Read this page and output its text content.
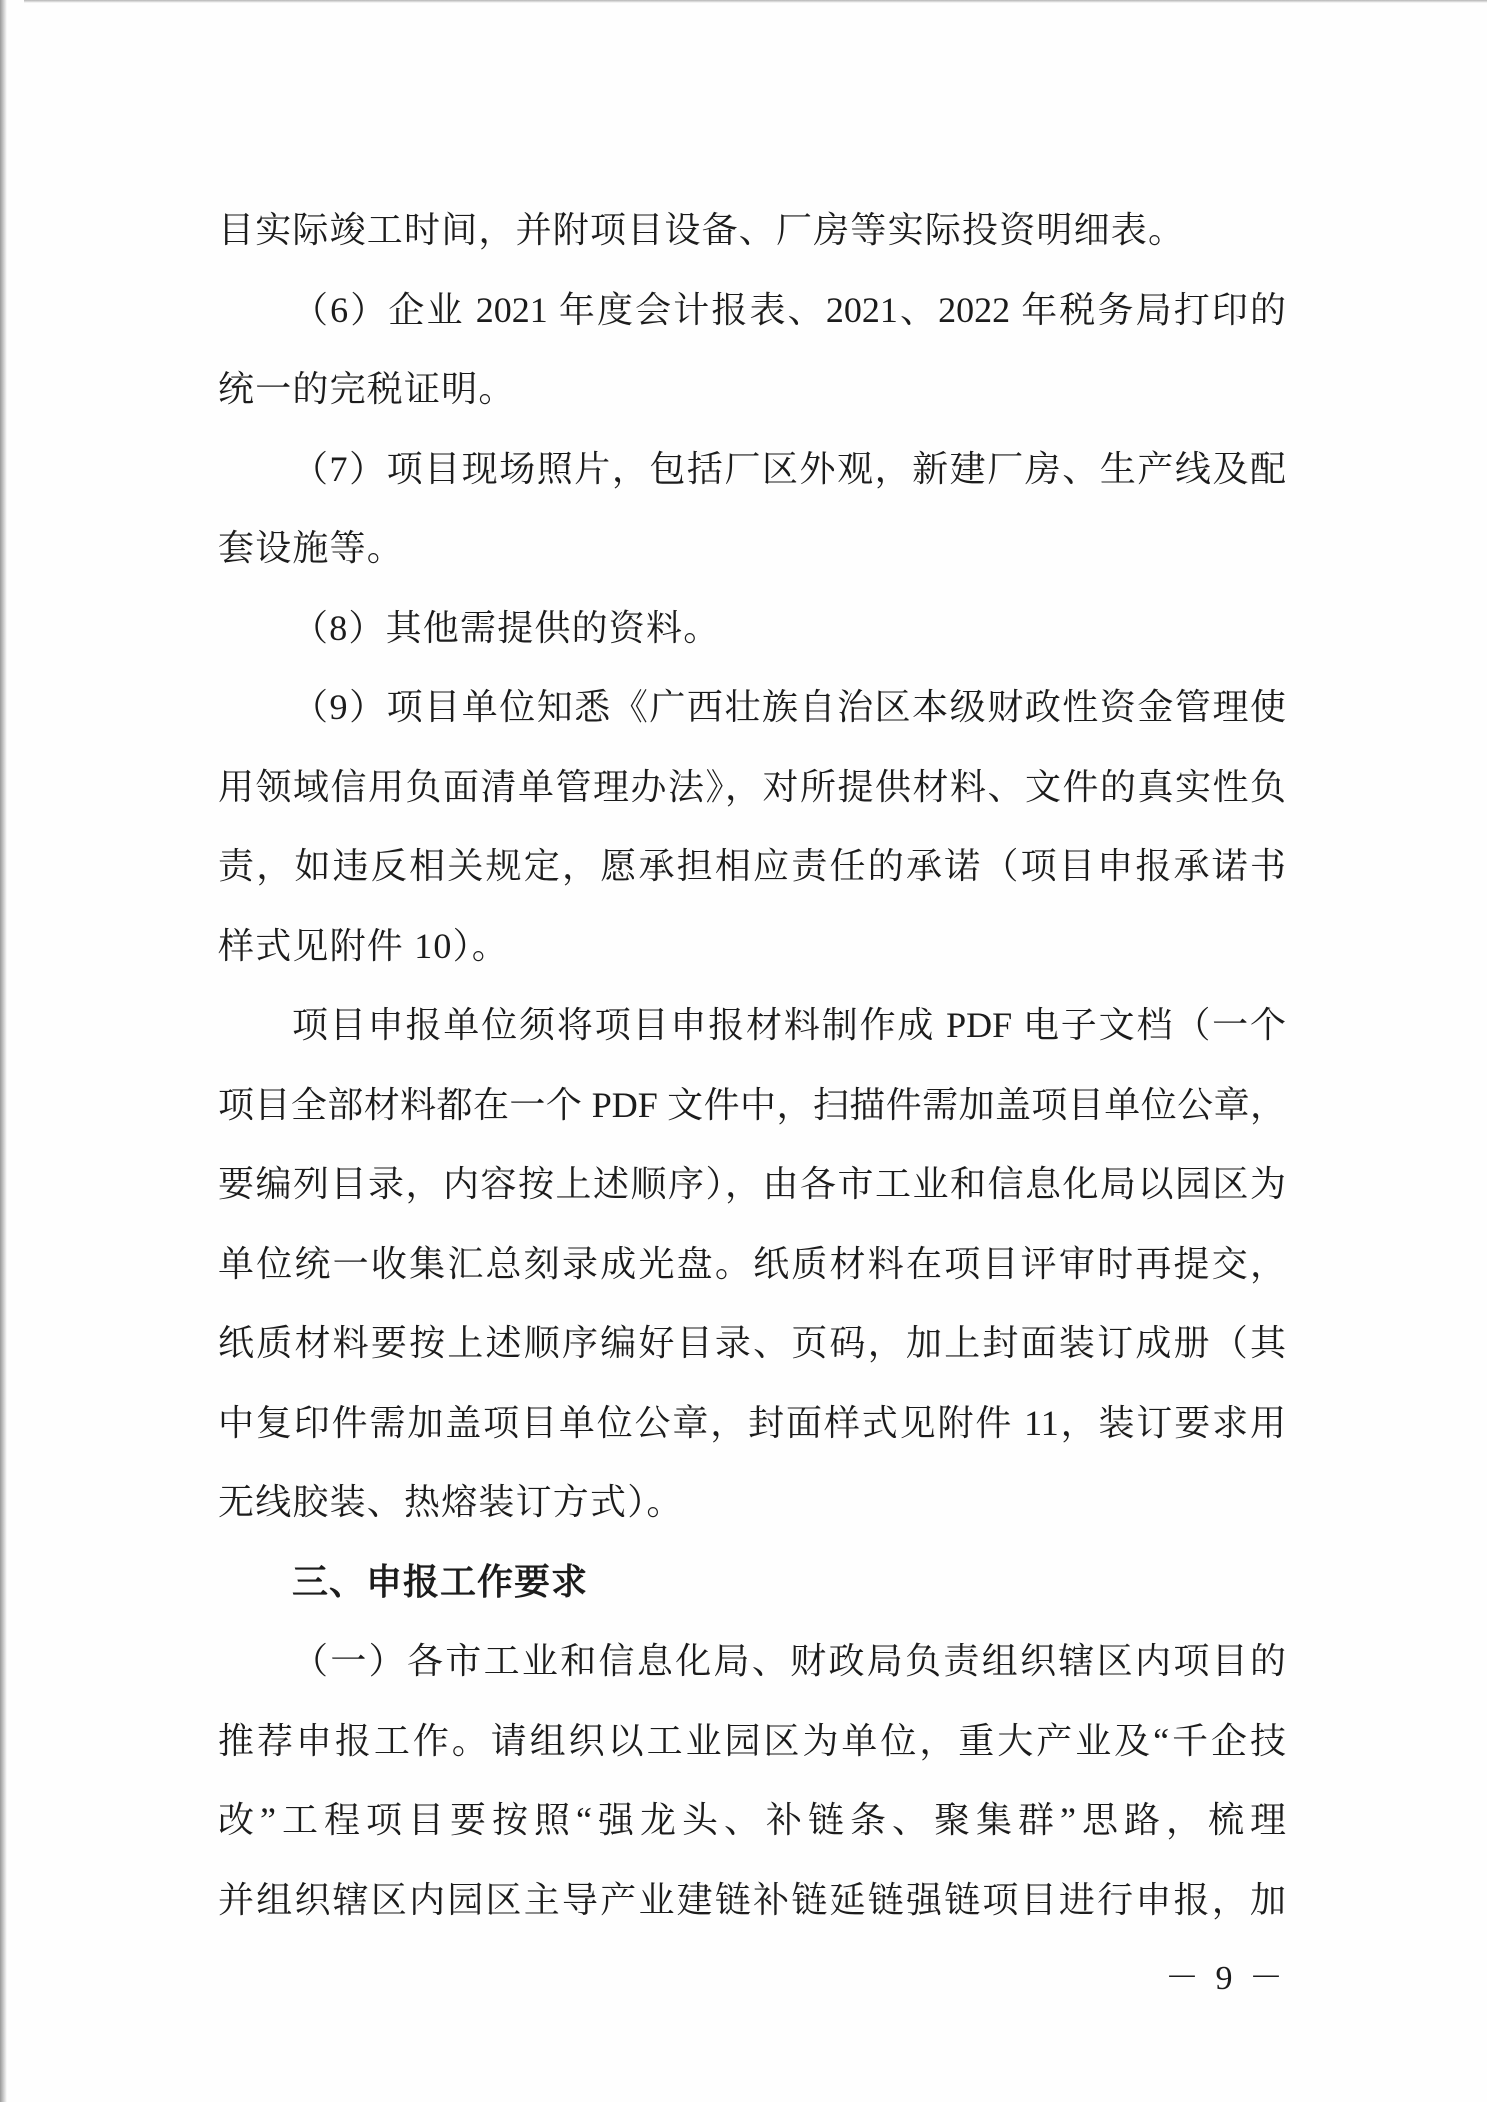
目实际竣工时间，并附项目设备、厂房等实际投资明细表。
（6）企业 2021 年度会计报表、2021、2022 年税务局打印的
统一的完税证明。
（7）项目现场照片，包括厂区外观，新建厂房、生产线及配
套设施等。
（8）其他需提供的资料。
（9）项目单位知悉《广西壮族自治区本级财政性资金管理使
用领域信用负面清单管理办法》，对所提供材料、文件的真实性负
责，如违反相关规定，愿承担相应责任的承诺（项目申报承诺书
样式见附件 10）。
项目申报单位须将项目申报材料制作成 PDF 电子文档（一个
项目全部材料都在一个 PDF 文件中，扫描件需加盖项目单位公章，
要编列目录，内容按上述顺序），由各市工业和信息化局以园区为
单位统一收集汇总刻录成光盘。纸质材料在项目评审时再提交，
纸质材料要按上述顺序编好目录、页码，加上封面装订成册（其
中复印件需加盖项目单位公章，封面样式见附件 11，装订要求用
无线胶装、热熔装订方式）。
三、申报工作要求
（一）各市工业和信息化局、财政局负责组织辖区内项目的
推荐申报工作。请组织以工业园区为单位，重大产业及“千企技
改”工程项目要按照“强龙头、补链条、聚集群”思路，梳理
并组织辖区内园区主导产业建链补链延链强链项目进行申报，加
－ 9 －
